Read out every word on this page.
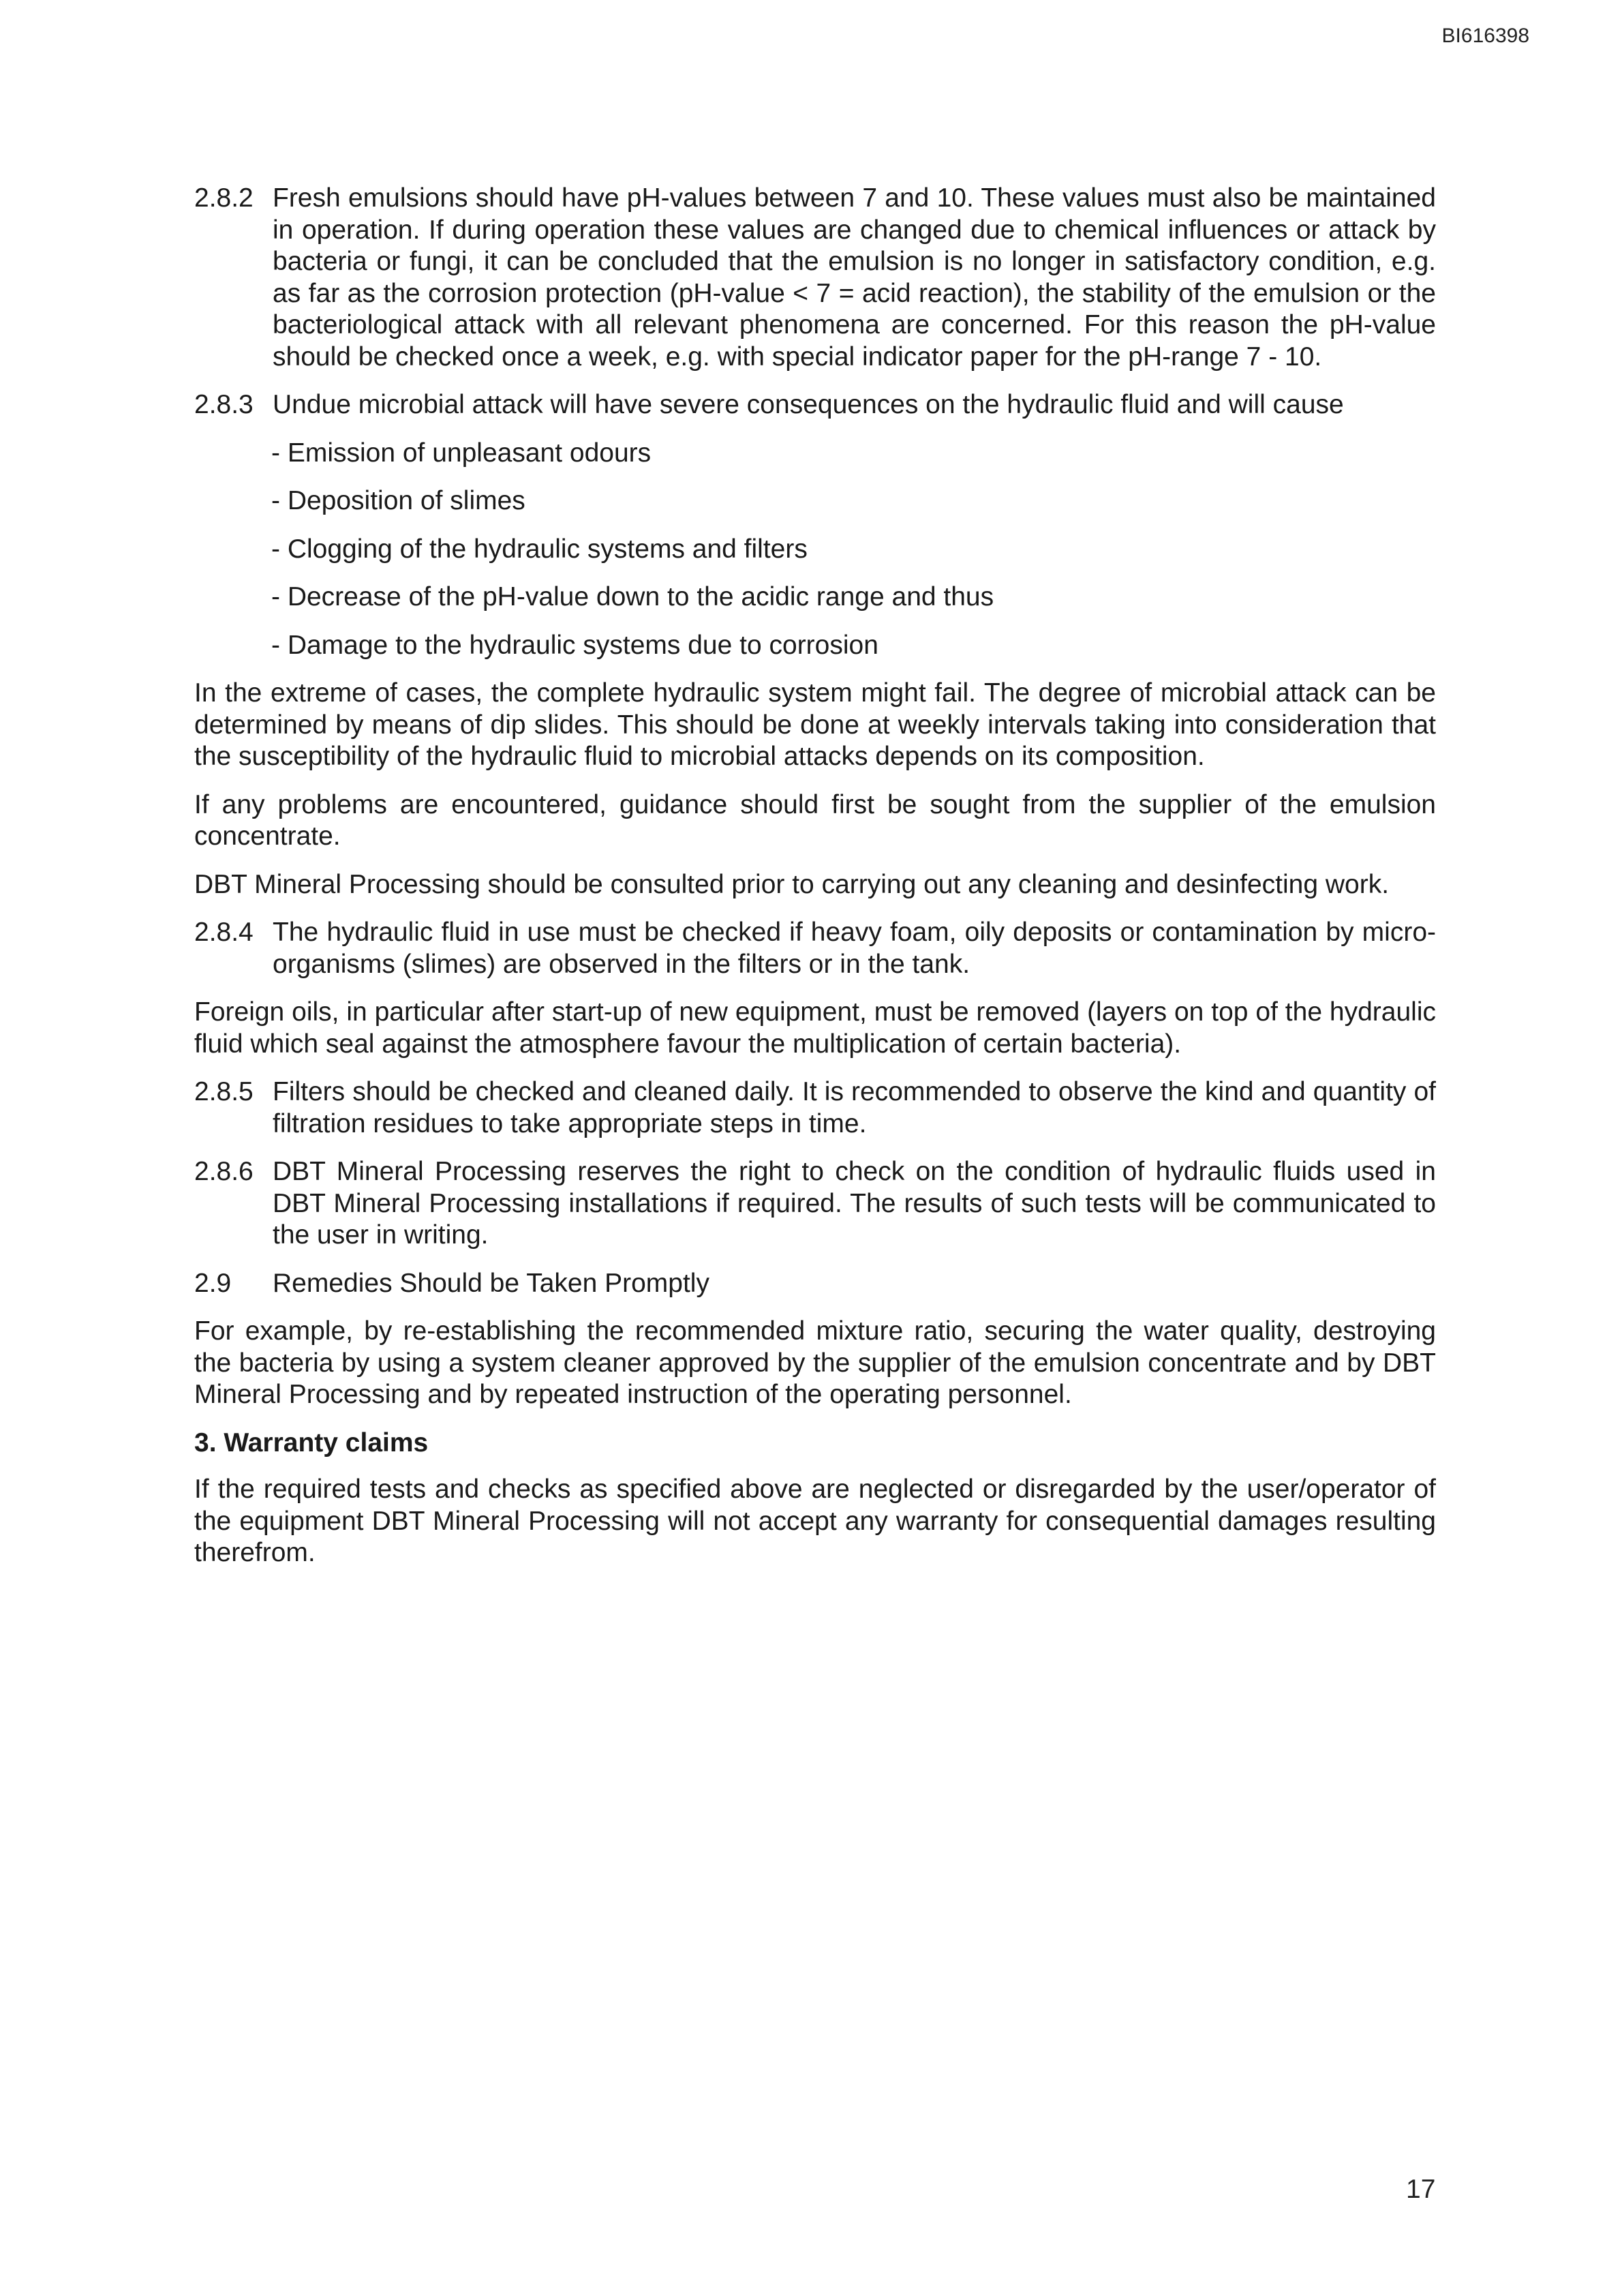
BI616398
2.8.2 Fresh emulsions should have pH-values between 7 and 10. These values must also be maintained in operation. If during operation these values are changed due to chemical influences or attack by bacteria or fungi, it can be concluded that the emulsion is no longer in satisfactory condition, e.g. as far as the corrosion protection (pH-value < 7 = acid reaction), the stability of the emulsion or the bacteriological attack with all relevant phenomena are concerned. For this reason the pH-value should be checked once a week, e.g. with special indicator paper for the pH-range 7 - 10.
2.8.3 Undue microbial attack will have severe consequences on the hydraulic fluid and will cause
- Emission of unpleasant odours
- Deposition of slimes
- Clogging of the hydraulic systems and filters
- Decrease of the pH-value down to the acidic range and thus
- Damage to the hydraulic systems due to corrosion

In the extreme of cases, the complete hydraulic system might fail. The degree of microbial attack can be determined by means of dip slides. This should be done at weekly intervals taking into consideration that the susceptibility of the hydraulic fluid to microbial attacks depends on its composition.

If any problems are encountered, guidance should first be sought from the supplier of the emulsion concentrate.

DBT Mineral Processing should be consulted prior to carrying out any cleaning and desinfecting work.

2.8.4 The hydraulic fluid in use must be checked if heavy foam, oily deposits or contamination by micro-organisms (slimes) are observed in the filters or in the tank.

Foreign oils, in particular after start-up of new equipment, must be removed (layers on top of the hydraulic fluid which seal against the atmosphere favour the multiplication of certain bacteria).

2.8.5 Filters should be checked and cleaned daily. It is recommended to observe the kind and quantity of filtration residues to take appropriate steps in time.
2.8.6 DBT Mineral Processing reserves the right to check on the condition of hydraulic fluids used in DBT Mineral Processing installations if required. The results of such tests will be communicated to the user in writing.
2.9 Remedies Should be Taken Promptly

For example, by re-establishing the recommended mixture ratio, securing the water quality, destroying the bacteria by using a system cleaner approved by the supplier of the emulsion concentrate and by DBT Mineral Processing and by repeated instruction of the operating personnel.

3. Warranty claims

If the required tests and checks as specified above are neglected or disregarded by the user/operator of the equipment DBT Mineral Processing will not accept any warranty for consequential damages resulting therefrom.

17
